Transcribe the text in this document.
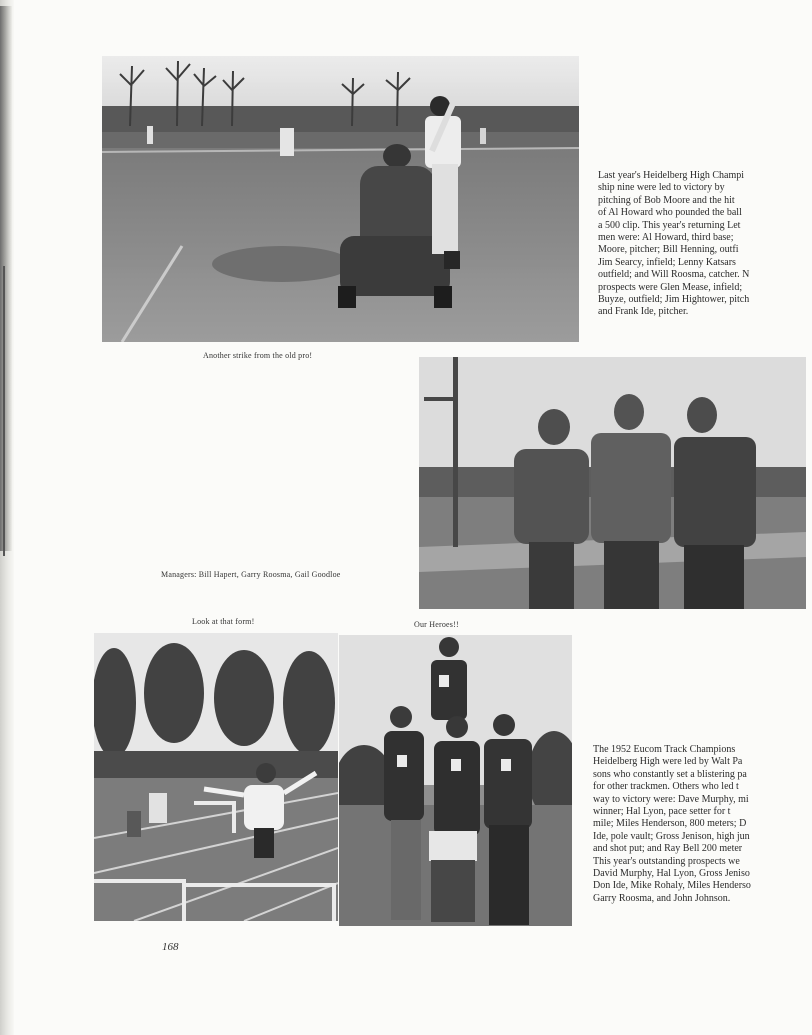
Another strike from the old pro!
Last year's Heidelberg High Champi
ship nine were led to victory by
pitching of Bob Moore and the hit
of Al Howard who pounded the ball
a 500 clip. This year's returning Let
men were: Al Howard, third base;
Moore, pitcher; Bill Henning, outfi
Jim Searcy, infield; Lenny Katsars
outfield; and Will Roosma, catcher. N
prospects were Glen Mease, infield;
Buyze, outfield; Jim Hightower, pitch
and Frank Ide, pitcher.
Managers: Bill Hapert, Garry Roosma, Gail Goodloe
Look at that form!	Our Heroes!!
The 1952 Eucom Track Champions
Heidelberg High were led by Walt Pa
sons who constantly set a blistering pa
for other trackmen. Others who led t
way to victory were: Dave Murphy, mi
winner; Hal Lyon, pace setter for t
mile; Miles Henderson, 800 meters; D
Ide, pole vault; Gross Jenison, high jun
and shot put; and Ray Bell 200 meter
This year's outstanding prospects we
David Murphy, Hal Lyon, Gross Jeniso
Don Ide, Mike Rohaly, Miles Henderso
Garry Roosma, and John Johnson.
168
